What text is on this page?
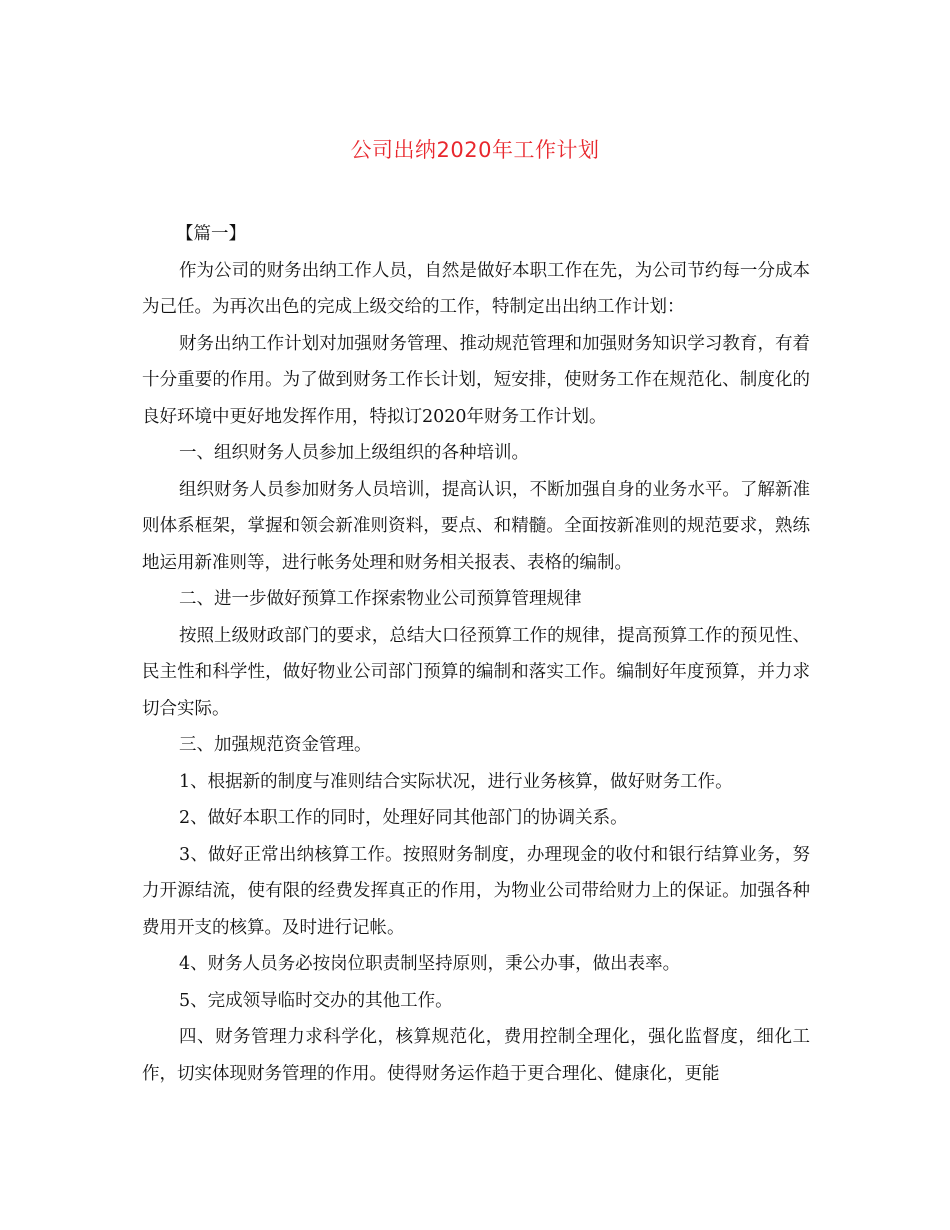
公司出纳2020年工作计划

【篇一】

作为公司的财务出纳工作人员，自然是做好本职工作在先，为公司节约每一分成本为己任。为再次出色的完成上级交给的工作，特制定出出纳工作计划：

财务出纳工作计划对加强财务管理、推动规范管理和加强财务知识学习教育，有着十分重要的作用。为了做到财务工作长计划，短安排，使财务工作在规范化、制度化的良好环境中更好地发挥作用，特拟订2020年财务工作计划。

一、组织财务人员参加上级组织的各种培训。

组织财务人员参加财务人员培训，提高认识，不断加强自身的业务水平。了解新准则体系框架，掌握和领会新准则资料，要点、和精髓。全面按新准则的规范要求，熟练地运用新准则等，进行帐务处理和财务相关报表、表格的编制。

二、进一步做好预算工作探索物业公司预算管理规律

按照上级财政部门的要求，总结大口径预算工作的规律，提高预算工作的预见性、民主性和科学性，做好物业公司部门预算的编制和落实工作。编制好年度预算，并力求切合实际。

三、加强规范资金管理。

1、根据新的制度与准则结合实际状况，进行业务核算，做好财务工作。

2、做好本职工作的同时，处理好同其他部门的协调关系。

3、做好正常出纳核算工作。按照财务制度，办理现金的收付和银行结算业务，努力开源结流，使有限的经费发挥真正的作用，为物业公司带给财力上的保证。加强各种费用开支的核算。及时进行记帐。

4、财务人员务必按岗位职责制坚持原则，秉公办事，做出表率。

5、完成领导临时交办的其他工作。

四、财务管理力求科学化，核算规范化，费用控制全理化，强化监督度，细化工作，切实体现财务管理的作用。使得财务运作趋于更合理化、健康化，更能
